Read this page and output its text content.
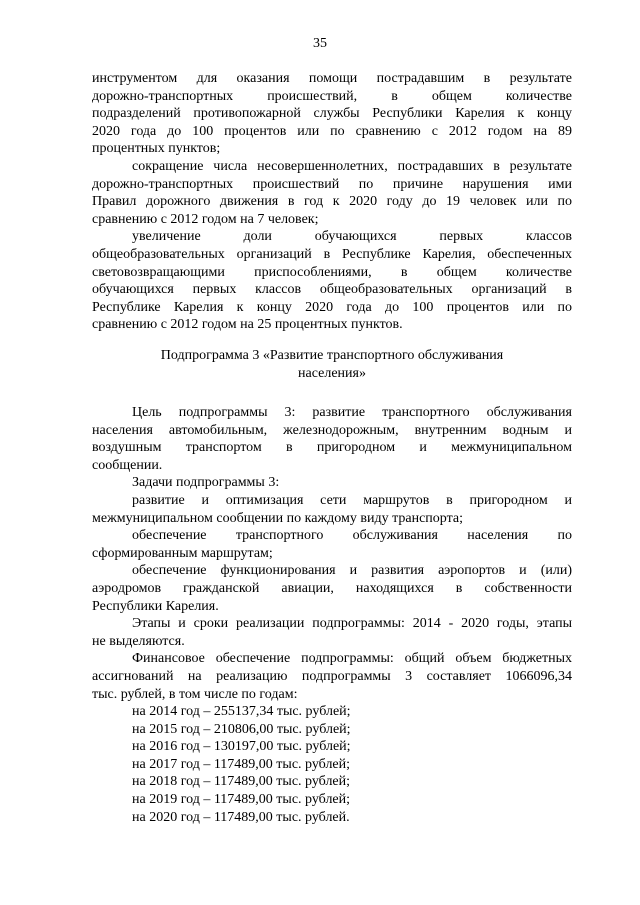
35
инструментом для оказания помощи пострадавшим в результате
дорожно-транспортных происшествий, в общем количестве
подразделений противопожарной службы Республики Карелия к концу
2020 года до 100 процентов или по сравнению с 2012 годом на 89
процентных пунктов;
сокращение числа несовершеннолетних, пострадавших в результате
дорожно-транспортных происшествий по причине нарушения ими
Правил дорожного движения в год к 2020 году до 19 человек или по
сравнению с 2012 годом на 7 человек;
увеличение доли обучающихся первых классов
общеобразовательных организаций в Республике Карелия, обеспеченных
световозвращающими приспособлениями, в общем количестве
обучающихся первых классов общеобразовательных организаций в
Республике Карелия к концу 2020 года до 100 процентов или по
сравнению с 2012 годом на 25 процентных пунктов.
Подпрограмма 3 «Развитие транспортного обслуживания
населения»
Цель подпрограммы 3: развитие транспортного обслуживания
населения автомобильным, железнодорожным, внутренним водным и
воздушным транспортом в пригородном и межмуниципальном
сообщении.
Задачи подпрограммы 3:
развитие и оптимизация сети маршрутов в пригородном и
межмуниципальном сообщении по каждому виду транспорта;
обеспечение транспортного обслуживания населения по
сформированным маршрутам;
обеспечение функционирования и развития аэропортов и (или)
аэродромов гражданской авиации, находящихся в собственности
Республики Карелия.
Этапы и сроки реализации подпрограммы: 2014 - 2020 годы, этапы
не выделяются.
Финансовое обеспечение подпрограммы: общий объем бюджетных
ассигнований на реализацию подпрограммы 3 составляет 1066096,34
тыс. рублей, в том числе по годам:
на 2014 год – 255137,34 тыс. рублей;
на 2015 год – 210806,00 тыс. рублей;
на 2016 год – 130197,00 тыс. рублей;
на 2017 год – 117489,00 тыс. рублей;
на 2018 год – 117489,00 тыс. рублей;
на 2019 год – 117489,00 тыс. рублей;
на 2020 год – 117489,00 тыс. рублей.
